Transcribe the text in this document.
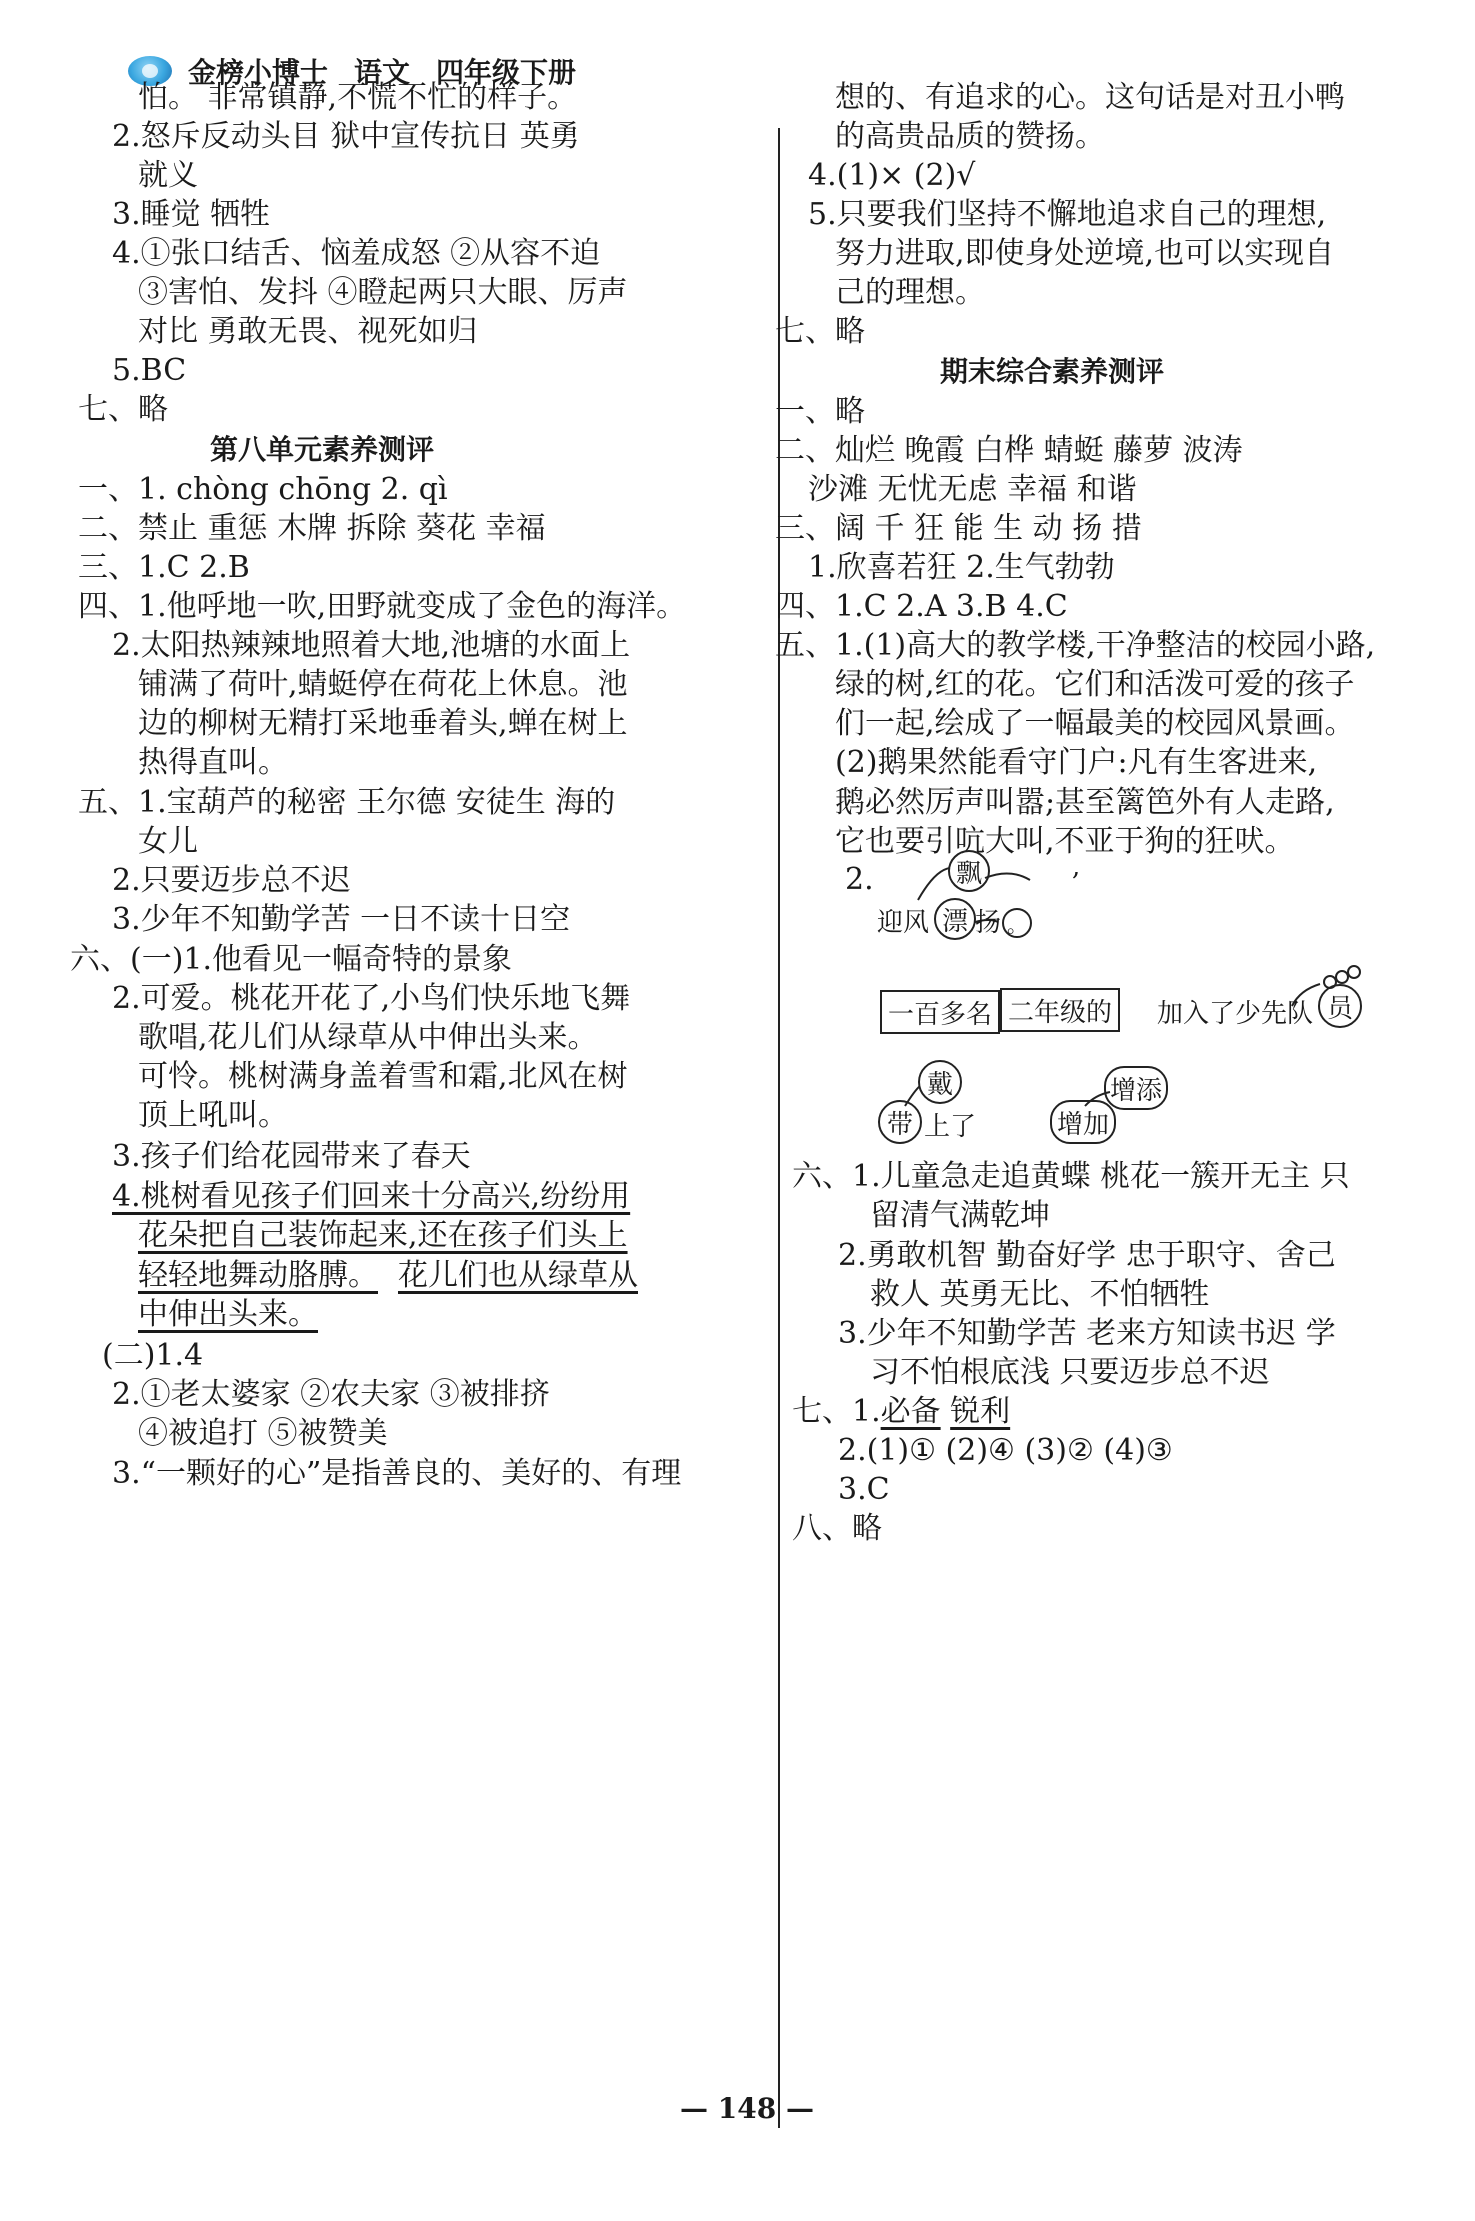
金榜小博士 语文 四年级下册
怕。 非常镇静,不慌不忙的样子。
2.怒斥反动头目 狱中宣传抗日 英勇
就义
3.睡觉 牺牲
4.①张口结舌、恼羞成怒 ②从容不迫
③害怕、发抖 ④瞪起两只大眼、厉声
对比 勇敢无畏、视死如归
5.BC
七、略
第八单元素养测评
一、1. chòng chōng 2. qì
二、禁止 重惩 木牌 拆除 葵花 幸福
三、1.C 2.B
四、1.他呼地一吹,田野就变成了金色的海洋。
2.太阳热辣辣地照着大地,池塘的水面上
铺满了荷叶,蜻蜓停在荷花上休息。池
边的柳树无精打采地垂着头,蝉在树上
热得直叫。
五、1.宝葫芦的秘密 王尔德 安徒生 海的
女儿
2.只要迈步总不迟
3.少年不知勤学苦 一日不读十日空
六、(一)1.他看见一幅奇特的景象
2.可爱。桃花开花了,小鸟们快乐地飞舞
歌唱,花儿们从绿草从中伸出头来。
可怜。桃树满身盖着雪和霜,北风在树
顶上吼叫。
3.孩子们给花园带来了春天
4.桃树看见孩子们回来十分高兴,纷纷用
花朵把自己装饰起来,还在孩子们头上
轻轻地舞动胳膊。 花儿们也从绿草从
中伸出头来。
(二)1.4
2.①老太婆家 ②农夫家 ③被排挤
④被追打 ⑤被赞美
3.“一颗好的心”是指善良的、美好的、有理
想的、有追求的心。这句话是对丑小鸭
的高贵品质的赞扬。
4.(1)× (2)√
5.只要我们坚持不懈地追求自己的理想,
努力进取,即使身处逆境,也可以实现自
己的理想。
七、略
期末综合素养测评
一、略
二、灿烂 晚霞 白桦 蜻蜓 藤萝 波涛
沙滩 无忧无虑 幸福 和谐
三、阔 千 狂 能 生 动 扬 措
1.欣喜若狂 2.生气勃勃
四、1.C 2.A 3.B 4.C
五、1.(1)高大的教学楼,干净整洁的校园小路,
绿的树,红的花。它们和活泼可爱的孩子
们一起,绘成了一幅最美的校园风景画。
(2)鹅果然能看守门户:凡有生客进来,
鹅必然厉声叫嚣;甚至篱笆外有人走路,
它也要引吭大叫,不亚于狗的狂吠。
2.	飘	,
迎风 漂 扬 。
一百多名 二年级的	加入了少先队 员
戴
带 上了
增添
增加
六、1.儿童急走追黄蝶 桃花一簇开无主 只
留清气满乾坤
2.勇敢机智 勤奋好学 忠于职守、舍己
救人 英勇无比、不怕牺牲
3.少年不知勤学苦 老来方知读书迟 学
习不怕根底浅 只要迈步总不迟
七、1.必备 锐利
2.(1)① (2)④ (3)② (4)③
3.C
八、略
— 148 —
